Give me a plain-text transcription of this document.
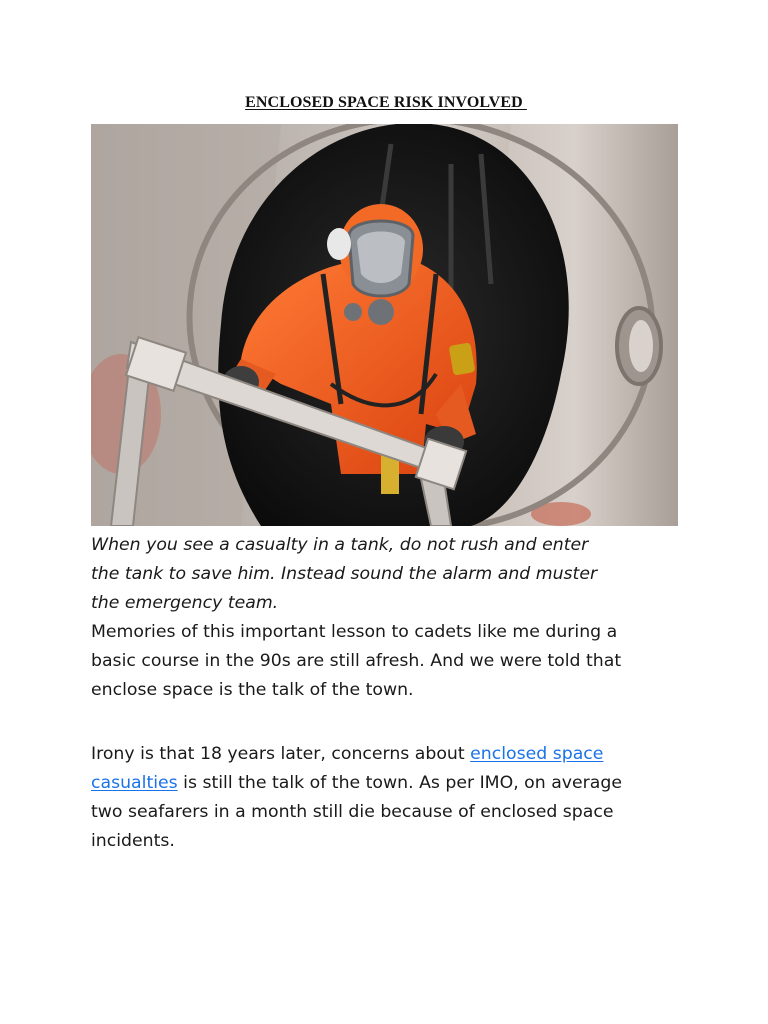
ENCLOSED SPACE RISK INVOLVED
When you see a casualty in a tank, do not rush and enter
the tank to save him. Instead sound the alarm and muster
the emergency team.
Memories of this important lesson to cadets like me during a
basic course in the 90s are still afresh. And we were told that
enclose space is the talk of the town.
Irony is that 18 years later, concerns about enclosed space
casualties is still the talk of the town. As per IMO, on average
two seafarers in a month still die because of enclosed space
incidents.
